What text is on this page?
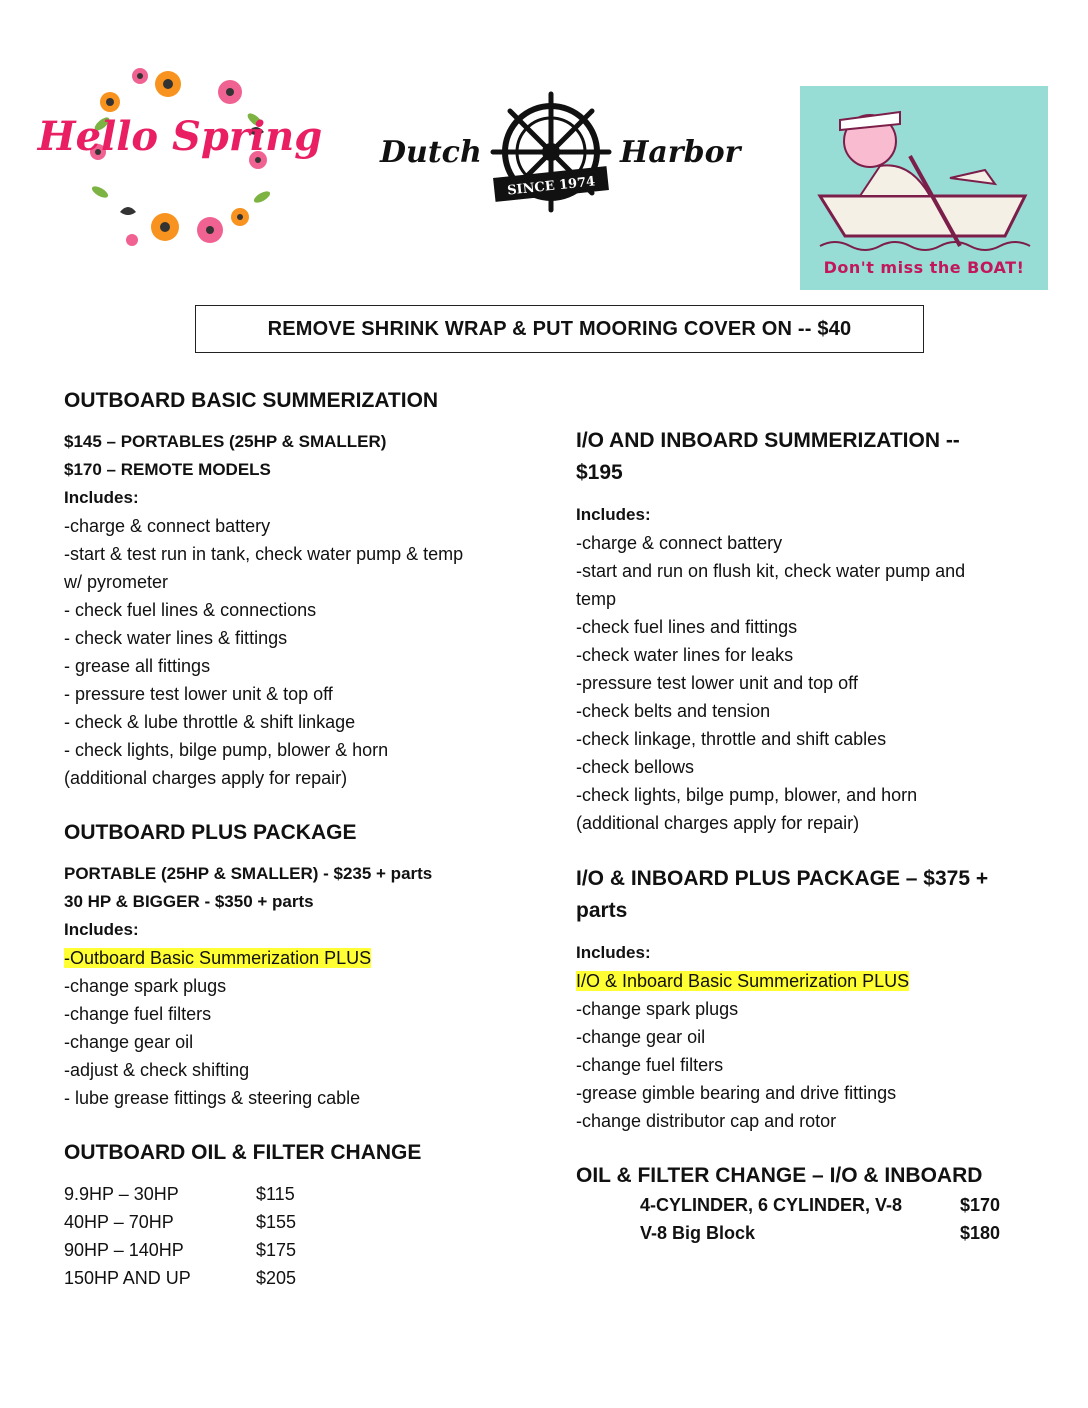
Hello Spring Dutch	Harbor
SINCE 1974
Don't miss the BOAT!
REMOVE SHRINK WRAP & PUT MOORING COVER ON -- $40
OUTBOARD BASIC SUMMERIZATION
$145 – PORTABLES (25HP & SMALLER)
$170 – REMOTE MODELS
Includes:
-charge & connect battery
-start & test run in tank, check water pump & temp
w/ pyrometer
- check fuel lines & connections
- check water lines & fittings
- grease all fittings
- pressure test lower unit & top off
- check & lube throttle & shift linkage
- check lights, bilge pump, blower & horn
(additional charges apply for repair)
OUTBOARD PLUS PACKAGE
PORTABLE (25HP & SMALLER) - $235 + parts
30 HP & BIGGER - $350 + parts
Includes:
-Outboard Basic Summerization PLUS
-change spark plugs
-change fuel filters
-change gear oil
-adjust & check shifting
- lube grease fittings & steering cable
OUTBOARD OIL & FILTER CHANGE
9.9HP – 30HP	$115
40HP – 70HP	$155
90HP – 140HP	$175
150HP AND UP	$205
I/O AND INBOARD SUMMERIZATION --
$195
Includes:
-charge & connect battery
-start and run on flush kit, check water pump and
temp
-check fuel lines and fittings
-check water lines for leaks
-pressure test lower unit and top off
-check belts and tension
-check linkage, throttle and shift cables
-check bellows
-check lights, bilge pump, blower, and horn
(additional charges apply for repair)
I/O & INBOARD PLUS PACKAGE – $375 +
parts
Includes:
I/O & Inboard Basic Summerization PLUS
-change spark plugs
-change gear oil
-change fuel filters
-grease gimble bearing and drive fittings
-change distributor cap and rotor
OIL & FILTER CHANGE – I/O & INBOARD
4-CYLINDER, 6 CYLINDER, V-8	$170
V-8 Big Block	$180
